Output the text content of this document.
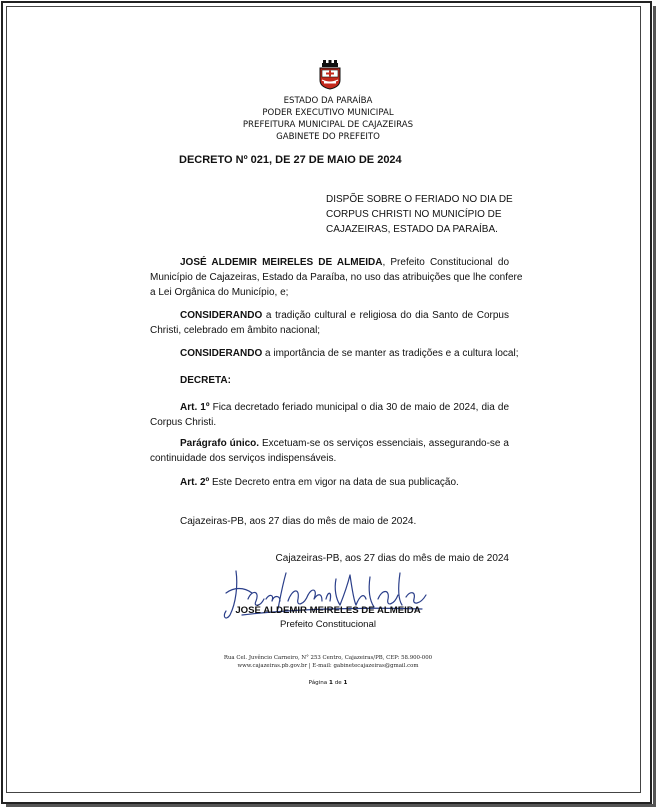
ESTADO DA PARAÍBA
PODER EXECUTIVO MUNICIPAL
PREFEITURA MUNICIPAL DE CAJAZEIRAS
GABINETE DO PREFEITO
DECRETO Nº 021, DE 27 DE MAIO DE 2024
DISPÕE SOBRE O FERIADO NO DIA DE
CORPUS CHRISTI NO MUNICÍPIO DE
CAJAZEIRAS, ESTADO DA PARAÍBA.
JOSÉ ALDEMIR MEIRELES DE ALMEIDA, Prefeito Constitucional do
Município de Cajazeiras, Estado da Paraíba, no uso das atribuições que lhe confere
a Lei Orgânica do Município, e;
CONSIDERANDO a tradição cultural e religiosa do dia Santo de Corpus
Christi, celebrado em âmbito nacional;
CONSIDERANDO a importância de se manter as tradições e a cultura local;
DECRETA:
Art. 1º Fica decretado feriado municipal o dia 30 de maio de 2024, dia de
Corpus Christi.
Parágrafo único. Excetuam-se os serviços essenciais, assegurando-se a
continuidade dos serviços indispensáveis.
Art. 2º Este Decreto entra em vigor na data de sua publicação.
Cajazeiras-PB, aos 27 dias do mês de maio de 2024.
Cajazeiras-PB, aos 27 dias do mês de maio de 2024
JOSÉ ALDEMIR MEIRELES DE ALMEIDA
Prefeito Constitucional
Rua Cel. Juvêncio Carneiro, N° 253 Centro, Cajazeiras/PB, CEP: 58.900-000
www.cajazeiras.pb.gov.br | E-mail: gabinetecajazeiras@gmail.com
Página 1 de 1
